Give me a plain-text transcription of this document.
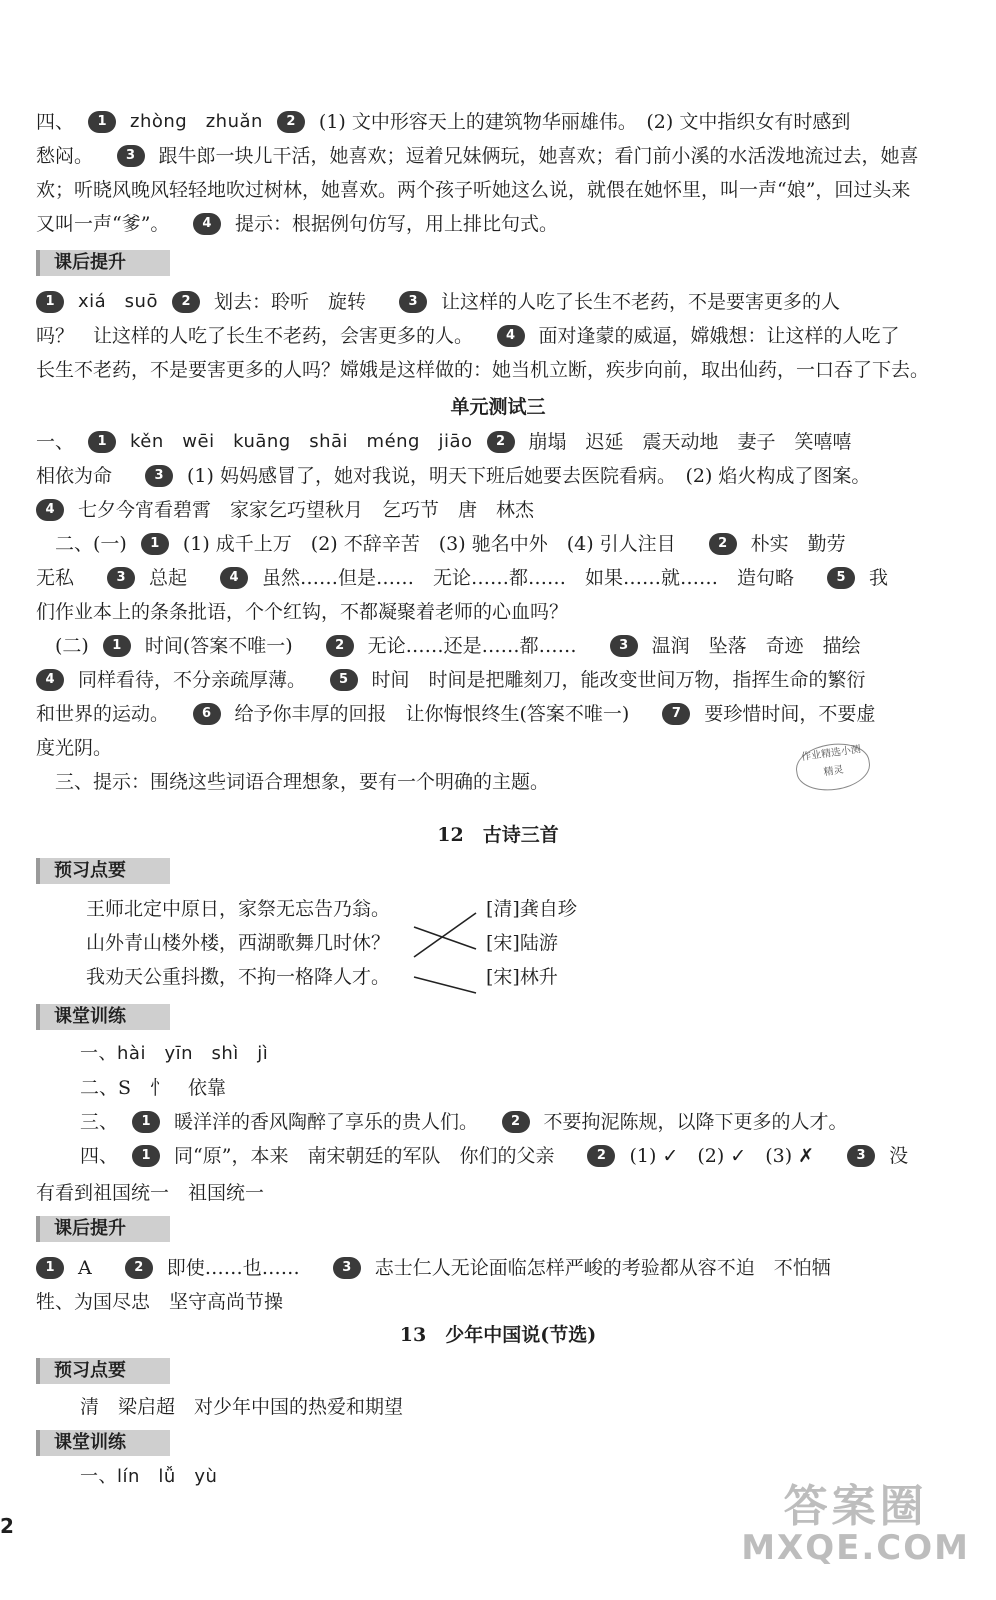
四、 1 zhòng　zhuǎn 2 (1) 文中形容天上的建筑物华丽雄伟。　(2) 文中指织女有时感到
愁闷。　3 跟牛郎一块儿干活，她喜欢；逗着兄妹俩玩，她喜欢；看门前小溪的水活泼地流过去，她喜
欢；听晓风晚风轻轻地吹过树林，她喜欢。两个孩子听她这么说，就偎在她怀里，叫一声“娘”，回过头来
又叫一声“爹”。　4 提示：根据例句仿写，用上排比句式。
课后提升
1 xiá　suō 2 划去：聆听　旋转　3 让这样的人吃了长生不老药，不是要害更多的人
吗？　让这样的人吃了长生不老药，会害更多的人。　4 面对逢蒙的威逼，嫦娥想：让这样的人吃了
长生不老药，不是要害更多的人吗？嫦娥是这样做的：她当机立断，疾步向前，取出仙药，一口吞了下去。
单元测试三
一、 1 kěn　wēi　kuāng　shāi　méng　jiāo 2 崩塌　迟延　震天动地　妻子　笑嘻嘻
相依为命　3 (1) 妈妈感冒了，她对我说，明天下班后她要去医院看病。　(2) 焰火构成了图案。
4 七夕今宵看碧霄　家家乞巧望秋月　乞巧节　唐　林杰
　二、(一) 1 (1) 成千上万　(2) 不辞辛苦　(3) 驰名中外　(4) 引人注目　2 朴实　勤劳
无私　3 总起　4 虽然……但是……　无论……都……　如果……就……　造句略　5 我
们作业本上的条条批语，个个红钩，不都凝聚着老师的心血吗？
　(二) 1 时间(答案不唯一)　2 无论……还是……都……　3 温润　坠落　奇迹　描绘
4 同样看待，不分亲疏厚薄。　5 时间　时间是把雕刻刀，能改变世间万物，指挥生命的繁衍
和世界的运动。　6 给予你丰厚的回报　让你悔恨终生(答案不唯一)　7 要珍惜时间，不要虚
度光阴。
　三、提示：围绕这些词语合理想象，要有一个明确的主题。
作业精选小测
精灵
12　古诗三首
预习点要
王师北定中原日，家祭无忘告乃翁。
山外青山楼外楼，西湖歌舞几时休？
我劝天公重抖擞，不拘一格降人才。
[清]龚自珍
[宋]陆游
[宋]林升
课堂训练
一、hài　yīn　shì　jì
二、S　忄　依靠
三、 1 暖洋洋的香风陶醉了享乐的贵人们。　2 不要拘泥陈规，以降下更多的人才。
四、 1 同“原”，本来　南宋朝廷的军队　你们的父亲　2 (1) ✓　(2) ✓　(3) ✗　3 没
有看到祖国统一　祖国统一
课后提升
1 A　2 即使……也……　3 志士仁人无论面临怎样严峻的考验都从容不迫　不怕牺
牲、为国尽忠　坚守高尚节操
13　少年中国说(节选)
预习点要
清　梁启超　对少年中国的热爱和期望
课堂训练
一、lín　lǚ　yù
2	答案圈
MXQE.COM
